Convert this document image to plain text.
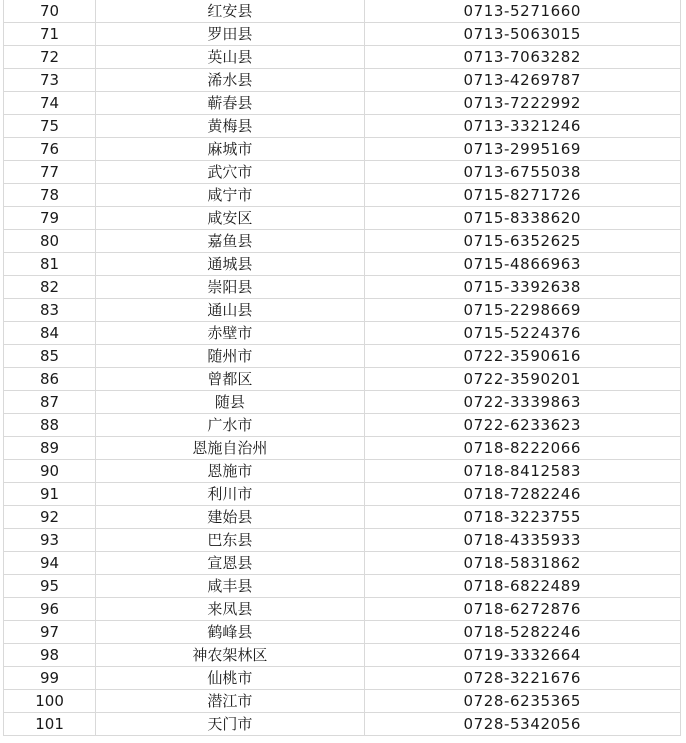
70	红安县	0713-5271660
71	罗田县	0713-5063015
72	英山县	0713-7063282
73	浠水县	0713-4269787
74	蕲春县	0713-7222992
75	黄梅县	0713-3321246
76	麻城市	0713-2995169
77	武穴市	0713-6755038
78	咸宁市	0715-8271726
79	咸安区	0715-8338620
80	嘉鱼县	0715-6352625
81	通城县	0715-4866963
82	崇阳县	0715-3392638
83	通山县	0715-2298669
84	赤壁市	0715-5224376
85	随州市	0722-3590616
86	曾都区	0722-3590201
87	随县	0722-3339863
88	广水市	0722-6233623
89	恩施自治州	0718-8222066
90	恩施市	0718-8412583
91	利川市	0718-7282246
92	建始县	0718-3223755
93	巴东县	0718-4335933
94	宣恩县	0718-5831862
95	咸丰县	0718-6822489
96	来凤县	0718-6272876
97	鹤峰县	0718-5282246
98	神农架林区	0719-3332664
99	仙桃市	0728-3221676
100	潜江市	0728-6235365
101	天门市	0728-5342056
